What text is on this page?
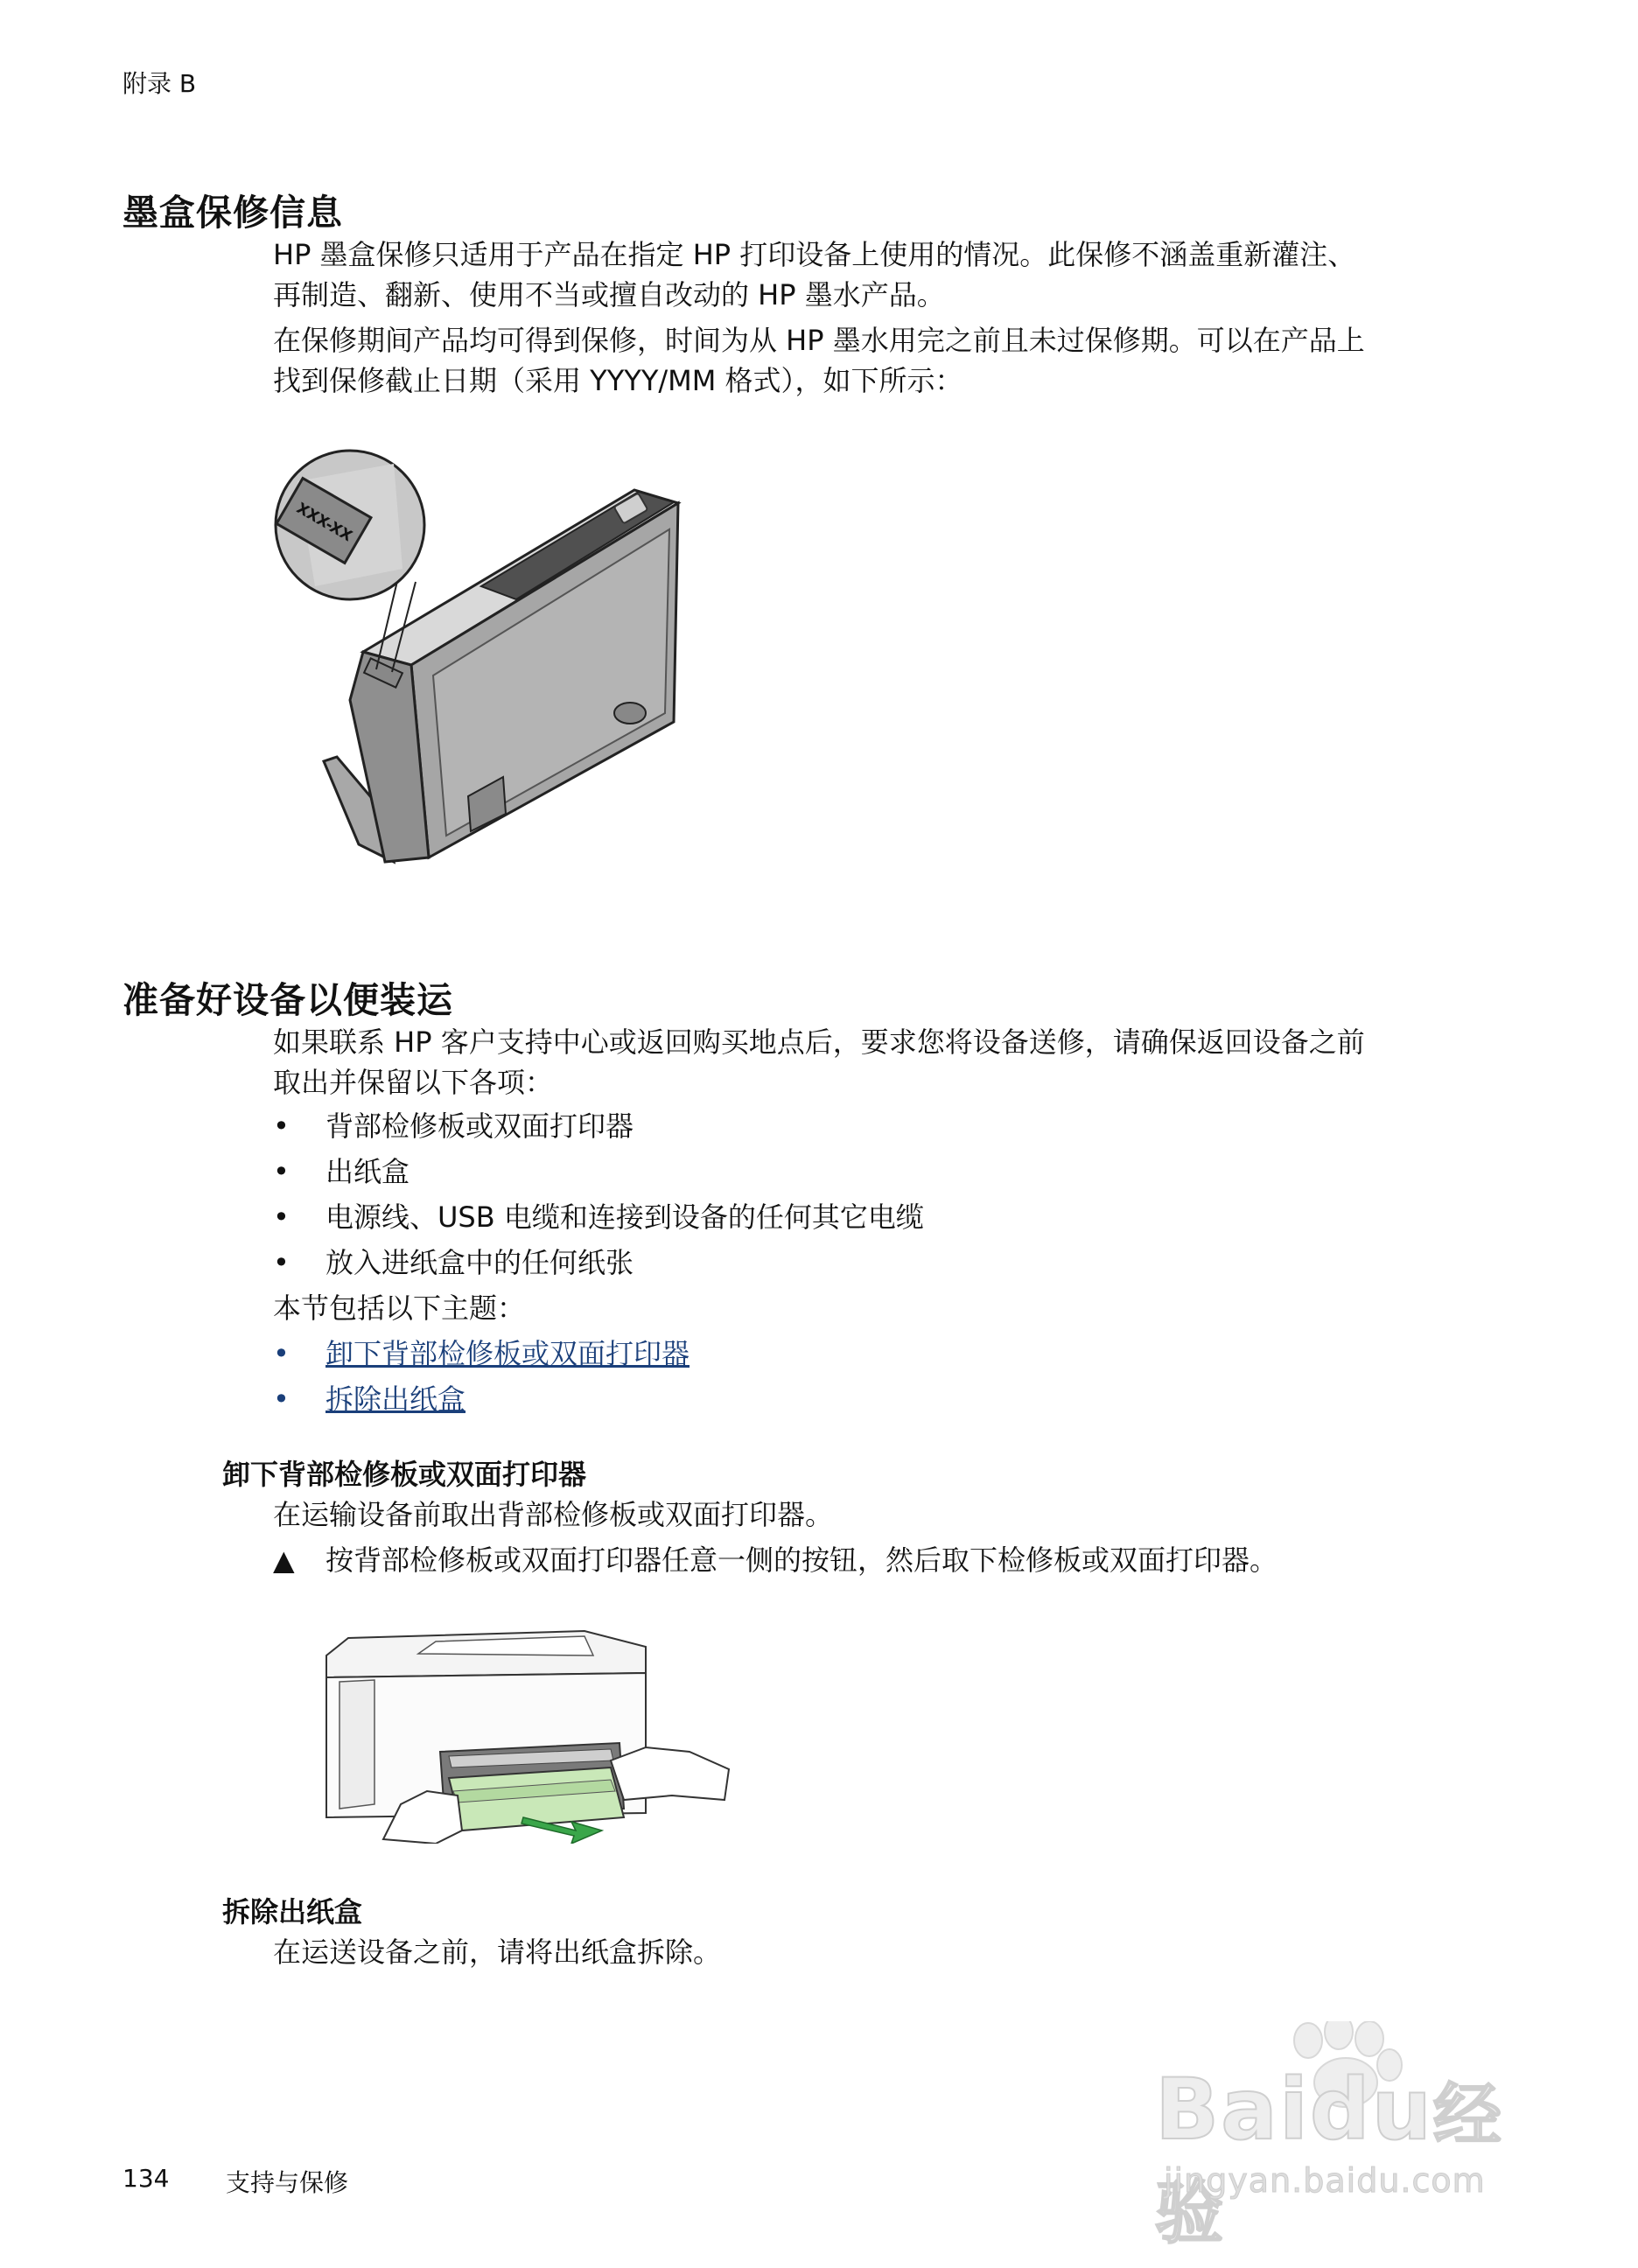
附录 B
墨盒保修信息
HP 墨盒保修只适用于产品在指定 HP 打印设备上使用的情况。此保修不涵盖重新灌注、
再制造、翻新、使用不当或擅自改动的 HP 墨水产品。
在保修期间产品均可得到保修，时间为从 HP 墨水用完之前且未过保修期。可以在产品上
找到保修截止日期（采用 YYYY/MM 格式），如下所示：
XXX-XX
准备好设备以便装运
如果联系 HP 客户支持中心或返回购买地点后，要求您将设备送修，请确保返回设备之前
取出并保留以下各项：
•	背部检修板或双面打印器
•	出纸盒
•	电源线、USB 电缆和连接到设备的任何其它电缆
•	放入进纸盒中的任何纸张
本节包括以下主题：
•	卸下背部检修板或双面打印器
•	拆除出纸盒
卸下背部检修板或双面打印器
在运输设备前取出背部检修板或双面打印器。
▲	按背部检修板或双面打印器任意一侧的按钮，然后取下检修板或双面打印器。
拆除出纸盒
在运送设备之前，请将出纸盒拆除。
Baidu经验
jingyan.baidu.com
134 支持与保修
